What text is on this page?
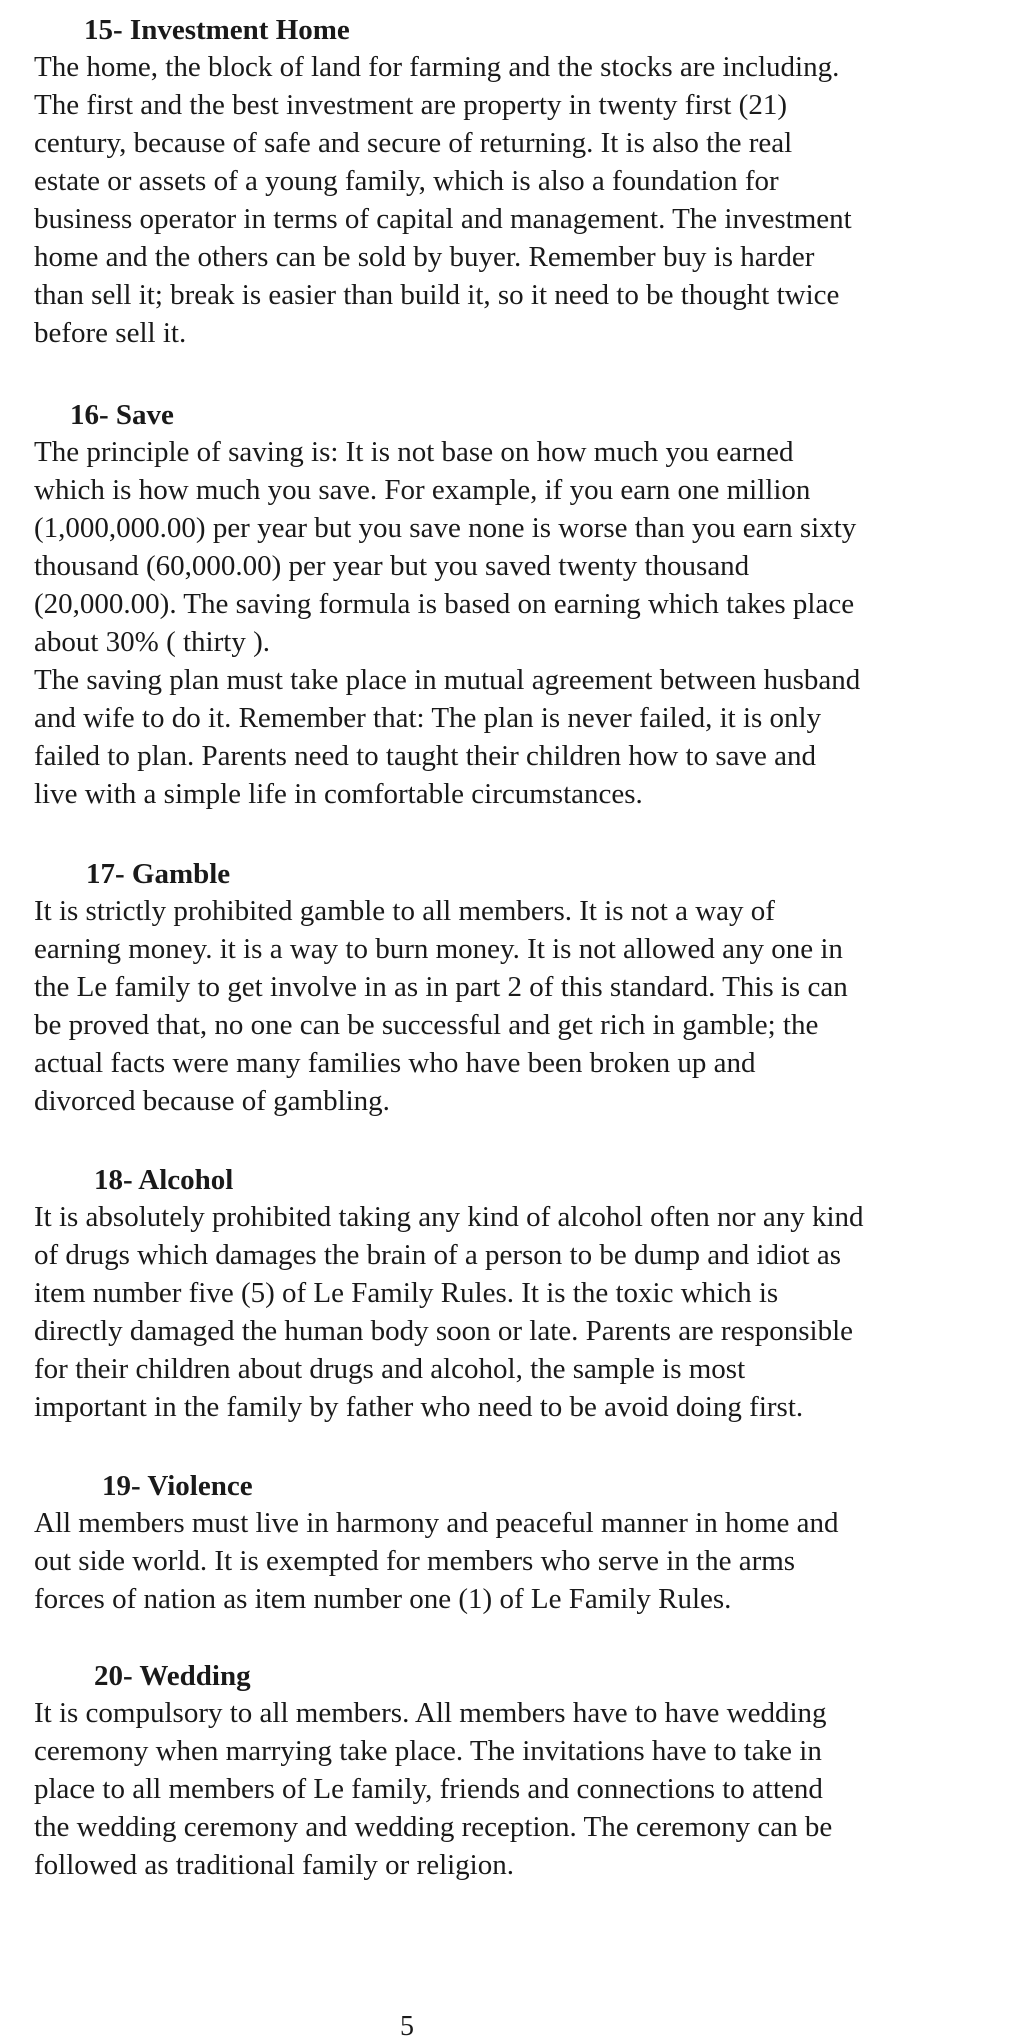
15- Investment Home

The home, the block of land for farming and the stocks are including.
The first and the best investment are property in twenty first (21)
century, because of safe and secure of returning. It is also the real
estate or assets of a young family, which is also a foundation for
business operator in terms of capital and management. The investment
home and the others can be sold by buyer. Remember buy is harder
than sell it; break is easier than build it, so it need to be thought twice
before sell it.

16- Save

The principle of saving is: It is not base on how much you earned
which is how much you save. For example, if you earn one million
(1,000,000.00) per year but you save none is worse than you earn sixty
thousand (60,000.00) per year but you saved twenty thousand
(20,000.00). The saving formula is based on earning which takes place
about 30% ( thirty ).
The saving plan must take place in mutual agreement between husband
and wife to do it. Remember that: The plan is never failed, it is only
failed to plan. Parents need to taught their children how to save and
live with a simple life in comfortable circumstances.

17- Gamble

It is strictly prohibited gamble to all members. It is not a way of
earning money. it is a way to burn money. It is not allowed any one in
the Le family to get involve in as in part 2 of this standard. This is can
be proved that, no one can be successful and get rich in gamble; the
actual facts were many families who have been broken up and
divorced because of gambling.

18- Alcohol

It is absolutely prohibited taking any kind of alcohol often nor any kind
of drugs which damages the brain of a person to be dump and idiot as
item number five (5) of Le Family Rules. It is the toxic which is
directly damaged the human body soon or late. Parents are responsible
for their children about drugs and alcohol, the sample is most
important in the family by father who need to be avoid doing first.

19- Violence

All members must live in harmony and peaceful manner in home and
out side world. It is exempted for members who serve in the arms
forces of nation as item number one (1) of Le Family Rules.

20- Wedding

It is compulsory to all members. All members have to have wedding
ceremony when marrying take place. The invitations have to take in
place to all members of Le family, friends and connections to attend
the wedding ceremony and wedding reception. The ceremony can be
followed as traditional family or religion.

5
